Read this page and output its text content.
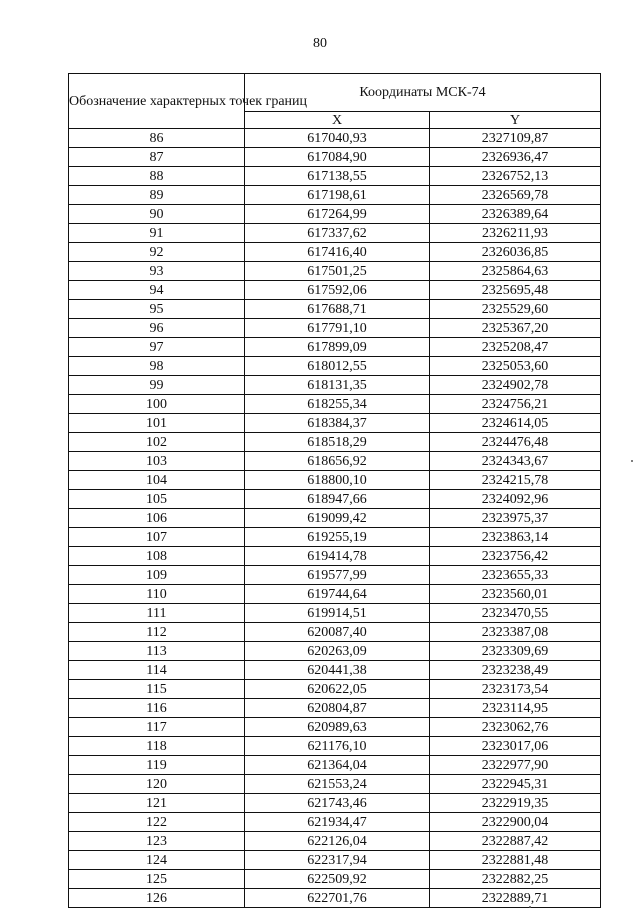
80
Обозначение характерных точек границ	Координаты МСК-74	
	X	Y
86	617040,93	2327109,87
87	617084,90	2326936,47
88	617138,55	2326752,13
89	617198,61	2326569,78
90	617264,99	2326389,64
91	617337,62	2326211,93
92	617416,40	2326036,85
93	617501,25	2325864,63
94	617592,06	2325695,48
95	617688,71	2325529,60
96	617791,10	2325367,20
97	617899,09	2325208,47
98	618012,55	2325053,60
99	618131,35	2324902,78
100	618255,34	2324756,21
101	618384,37	2324614,05
102	618518,29	2324476,48
103	618656,92	2324343,67
104	618800,10	2324215,78
105	618947,66	2324092,96
106	619099,42	2323975,37
107	619255,19	2323863,14
108	619414,78	2323756,42
109	619577,99	2323655,33
110	619744,64	2323560,01
111	619914,51	2323470,55
112	620087,40	2323387,08
113	620263,09	2323309,69
114	620441,38	2323238,49
115	620622,05	2323173,54
116	620804,87	2323114,95
117	620989,63	2323062,76
118	621176,10	2323017,06
119	621364,04	2322977,90
120	621553,24	2322945,31
121	621743,46	2322919,35
122	621934,47	2322900,04
123	622126,04	2322887,42
124	622317,94	2322881,48
125	622509,92	2322882,25
126	622701,76	2322889,71
